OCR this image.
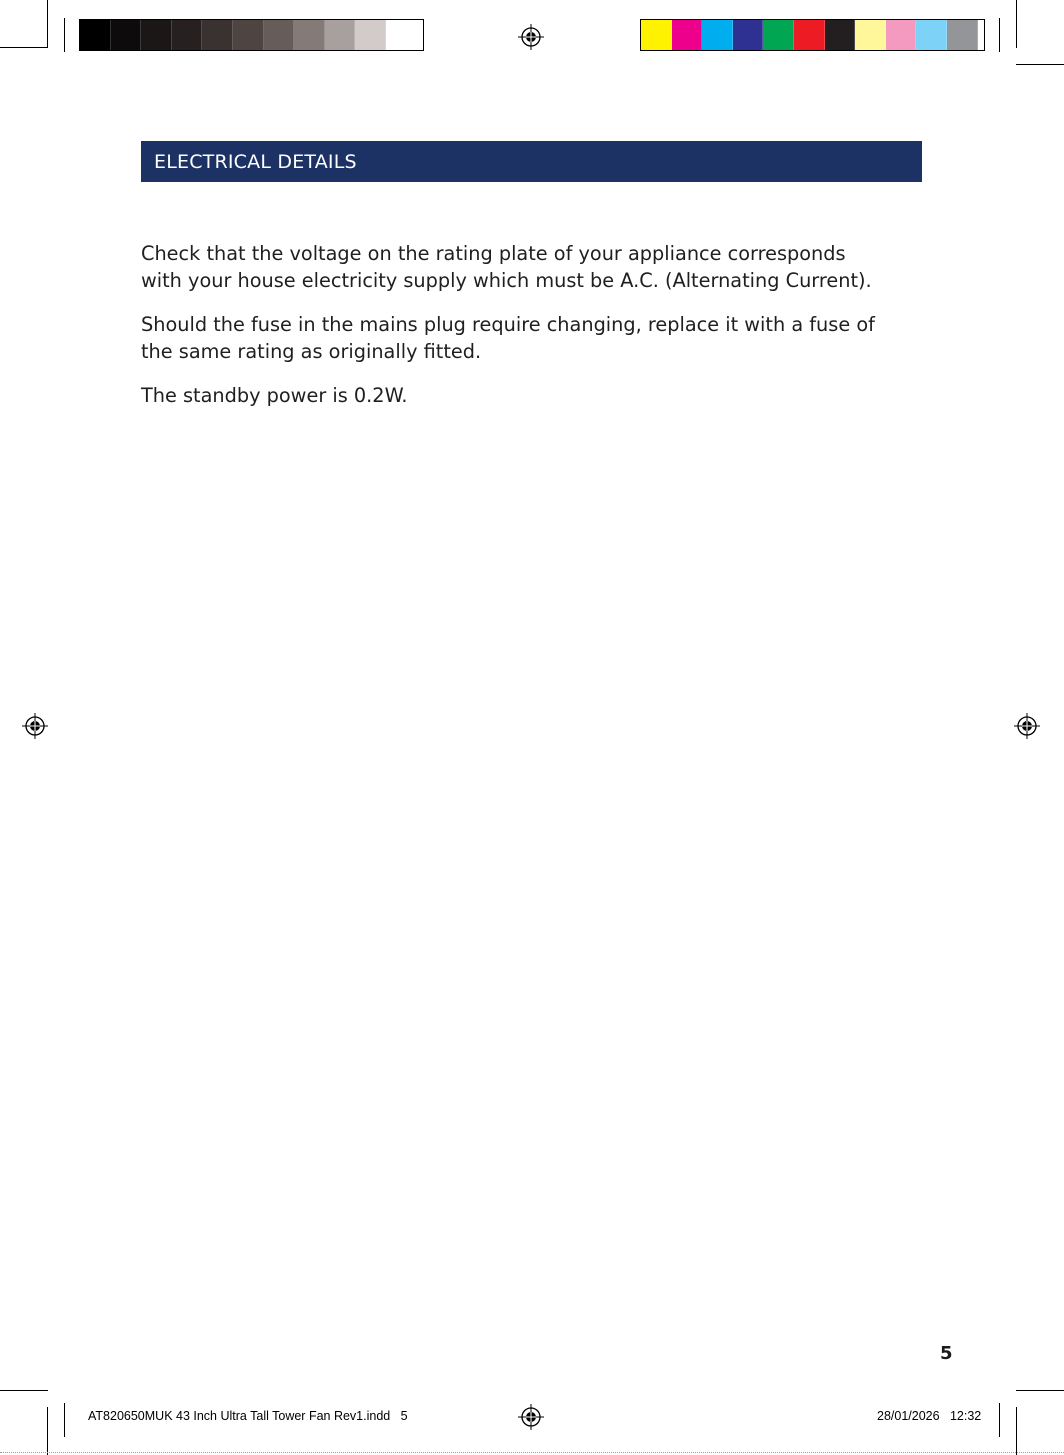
ELECTRICAL DETAILS

Check that the voltage on the rating plate of your appliance corresponds with your house electricity supply which must be A.C. (Alternating Current).

Should the fuse in the mains plug require changing, replace it with a fuse of the same rating as originally fitted.

The standby power is 0.2W.

5
AT820650MUK 43 Inch Ultra Tall Tower Fan Rev1.indd   5	28/01/2026   12:32
